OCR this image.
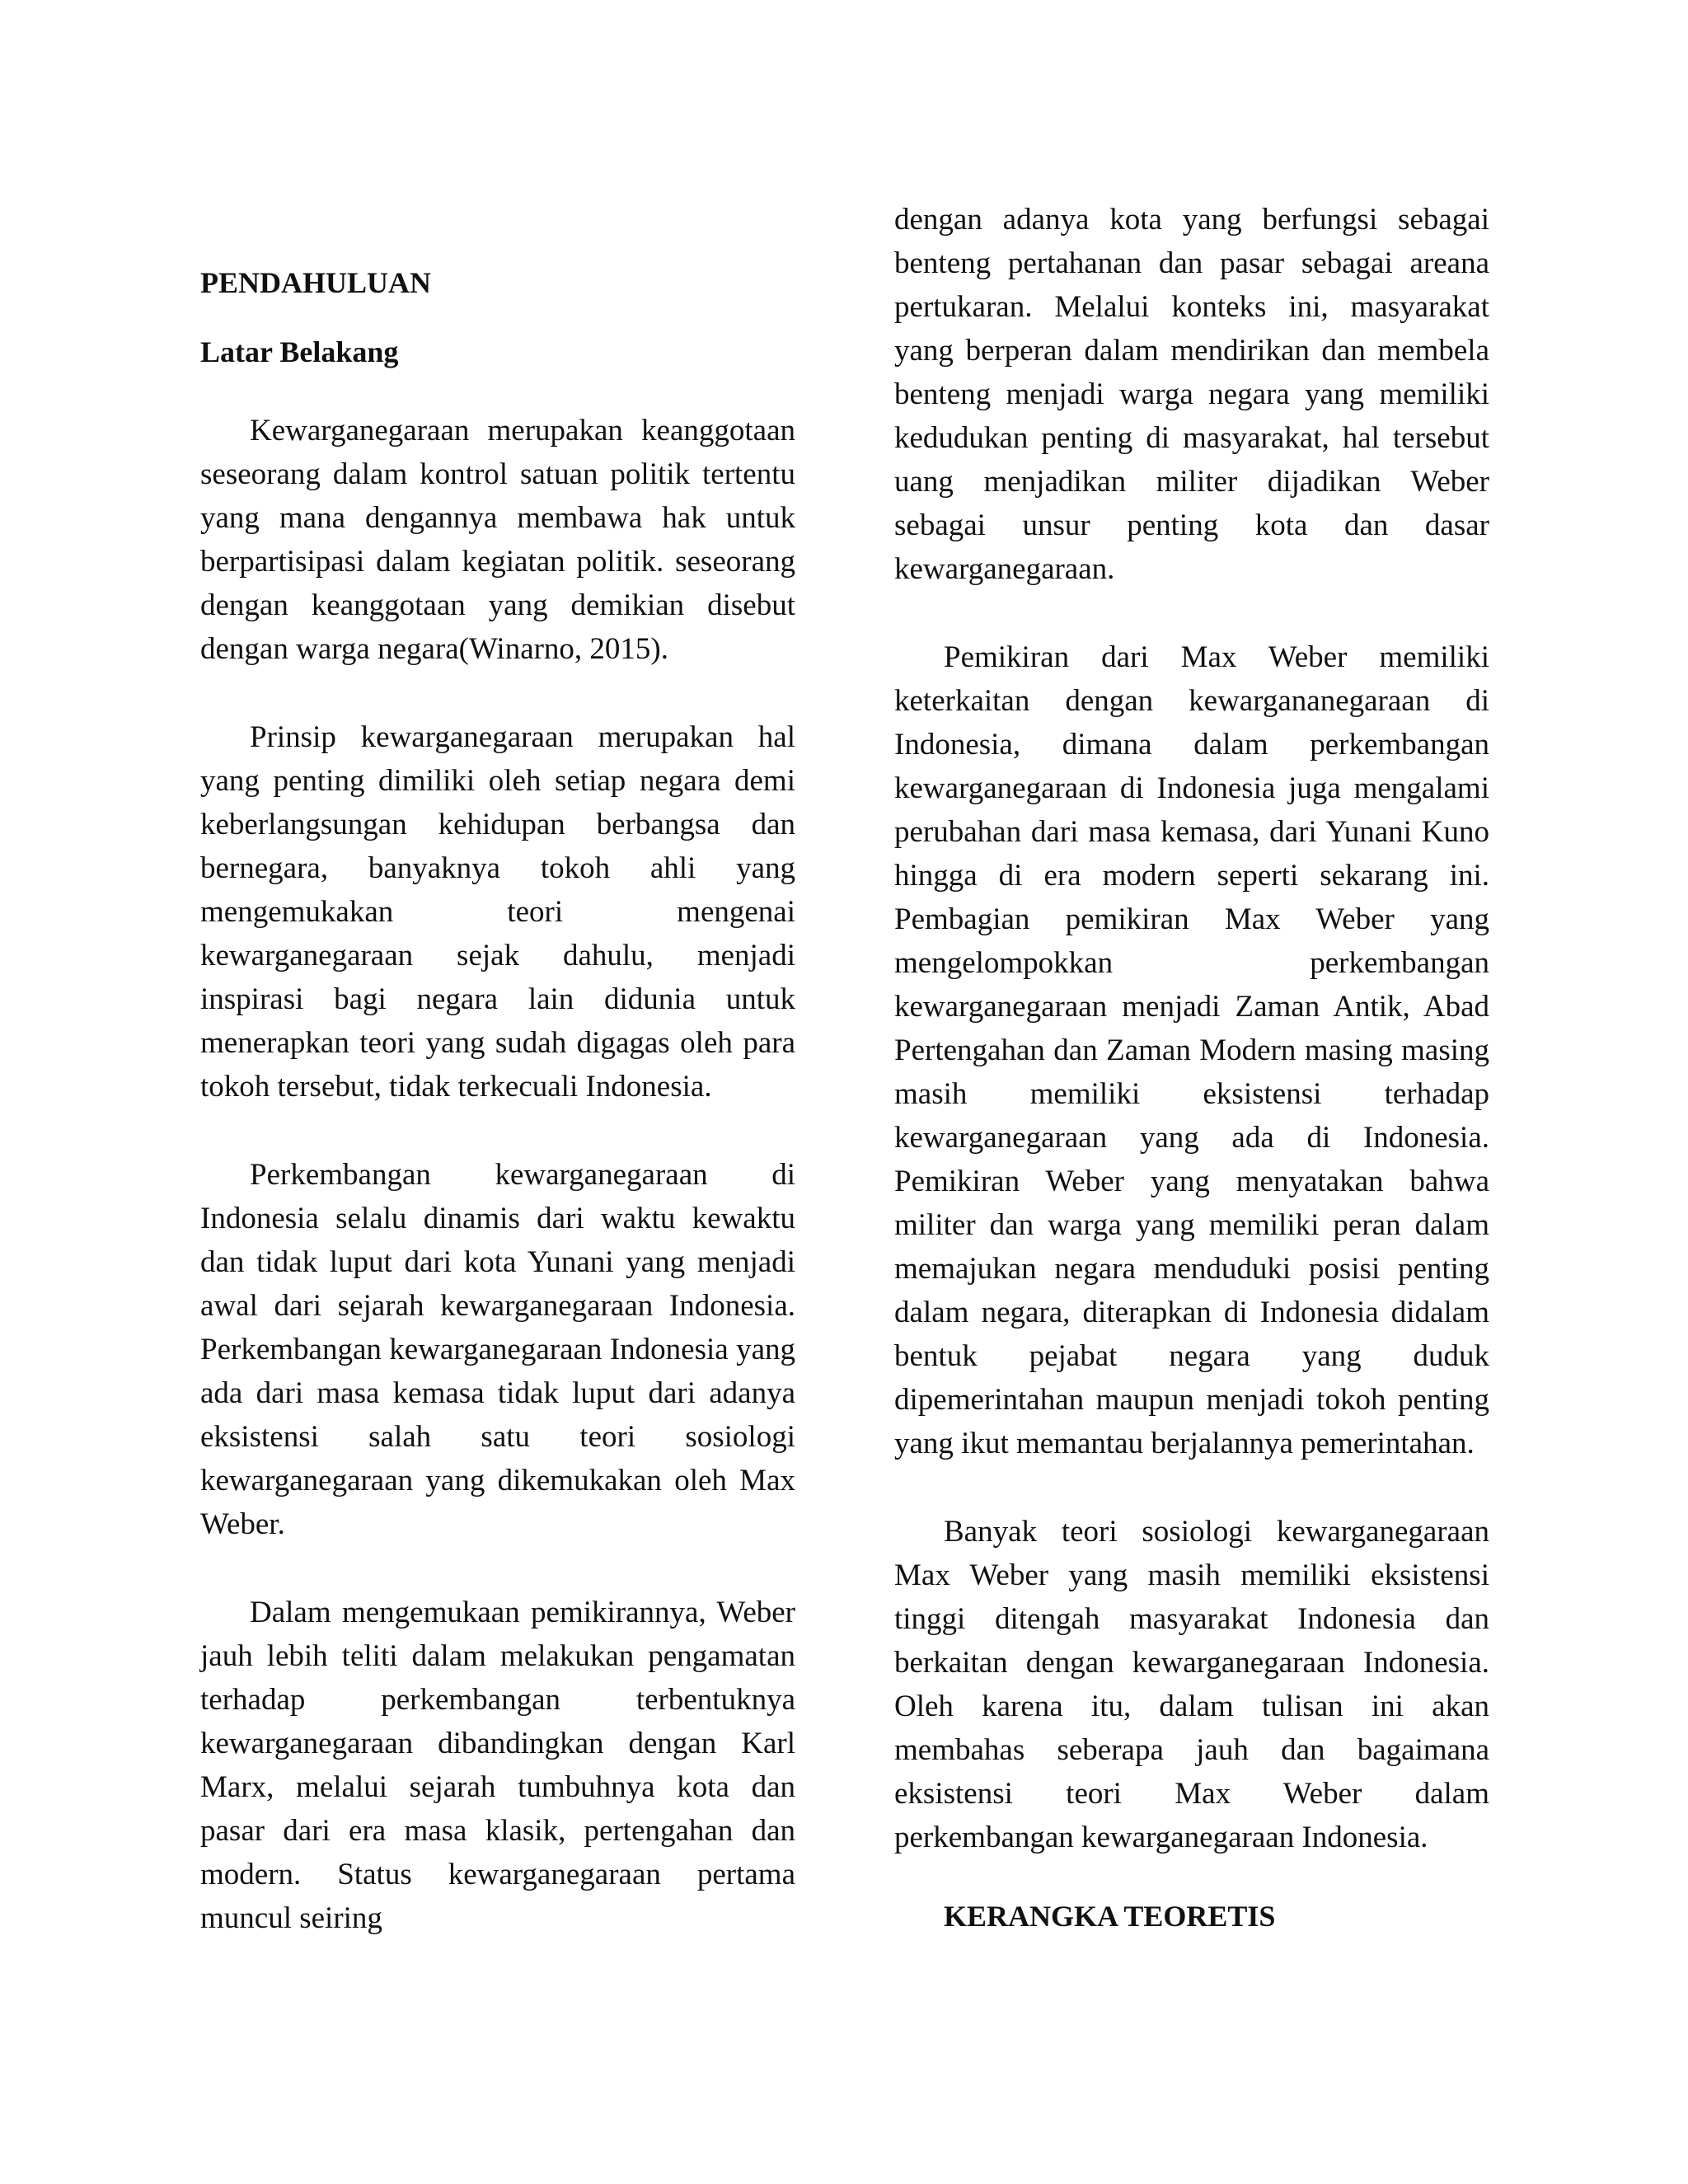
PENDAHULUAN
Latar Belakang

Kewarganegaraan merupakan keanggotaan seseorang dalam kontrol satuan politik tertentu yang mana dengannya membawa hak untuk berpartisipasi dalam kegiatan politik. seseorang dengan keanggotaan yang demikian disebut dengan warga negara(Winarno, 2015).

Prinsip kewarganegaraan merupakan hal yang penting dimiliki oleh setiap negara demi keberlangsungan kehidupan berbangsa dan bernegara, banyaknya tokoh ahli yang mengemukakan teori mengenai kewarganegaraan sejak dahulu, menjadi inspirasi bagi negara lain didunia untuk menerapkan teori yang sudah digagas oleh para tokoh tersebut, tidak terkecuali Indonesia.

Perkembangan kewarganegaraan di Indonesia selalu dinamis dari waktu kewaktu dan tidak luput dari kota Yunani yang menjadi awal dari sejarah kewarganegaraan Indonesia. Perkembangan kewarganegaraan Indonesia yang ada dari masa kemasa tidak luput dari adanya eksistensi salah satu teori sosiologi kewarganegaraan yang dikemukakan oleh Max Weber.

Dalam mengemukaan pemikirannya, Weber jauh lebih teliti dalam melakukan pengamatan terhadap perkembangan terbentuknya kewarganegaraan dibandingkan dengan Karl Marx, melalui sejarah tumbuhnya kota dan pasar dari era masa klasik, pertengahan dan modern. Status kewarganegaraan pertama muncul seiring

dengan adanya kota yang berfungsi sebagai benteng pertahanan dan pasar sebagai areana pertukaran. Melalui konteks ini, masyarakat yang berperan dalam mendirikan dan membela benteng menjadi warga negara yang memiliki kedudukan penting di masyarakat, hal tersebut uang menjadikan militer dijadikan Weber sebagai unsur penting kota dan dasar kewarganegaraan.

Pemikiran dari Max Weber memiliki keterkaitan dengan kewargananegaraan di Indonesia, dimana dalam perkembangan kewarganegaraan di Indonesia juga mengalami perubahan dari masa kemasa, dari Yunani Kuno hingga di era modern seperti sekarang ini. Pembagian pemikiran Max Weber yang mengelompokkan perkembangan kewarganegaraan menjadi Zaman Antik, Abad Pertengahan dan Zaman Modern masing masing masih memiliki eksistensi terhadap kewarganegaraan yang ada di Indonesia. Pemikiran Weber yang menyatakan bahwa militer dan warga yang memiliki peran dalam memajukan negara menduduki posisi penting dalam negara, diterapkan di Indonesia didalam bentuk pejabat negara yang duduk dipemerintahan maupun menjadi tokoh penting yang ikut memantau berjalannya pemerintahan.

Banyak teori sosiologi kewarganegaraan Max Weber yang masih memiliki eksistensi tinggi ditengah masyarakat Indonesia dan berkaitan dengan kewarganegaraan Indonesia. Oleh karena itu, dalam tulisan ini akan membahas seberapa jauh dan bagaimana eksistensi teori Max Weber dalam perkembangan kewarganegaraan Indonesia.

KERANGKA TEORETIS
